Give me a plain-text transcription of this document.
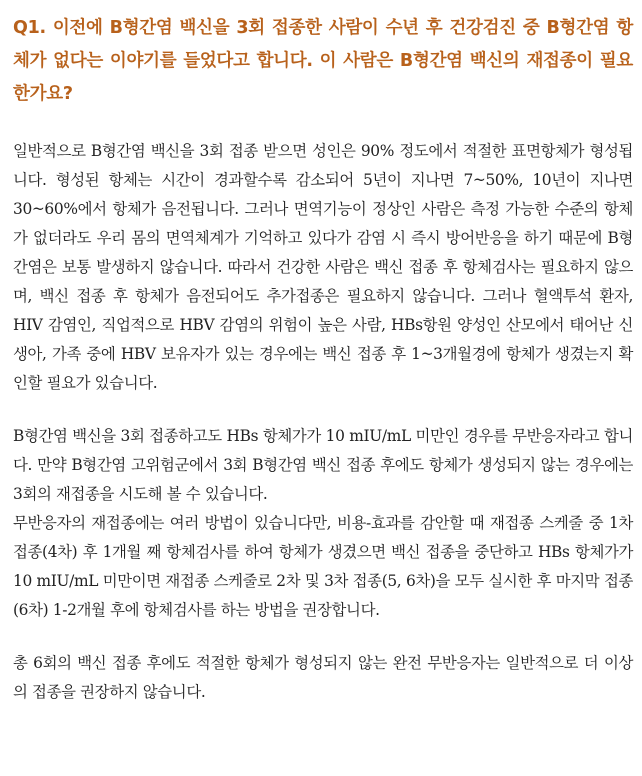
Q1. 이전에 B형간염 백신을 3회 접종한 사람이 수년 후 건강검진 중 B형간염 항체가 없다는 이야기를 들었다고 합니다. 이 사람은 B형간염 백신의 재접종이 필요한가요?

일반적으로 B형간염 백신을 3회 접종 받으면 성인은 90% 정도에서 적절한 표면항체가 형성됩니다. 형성된 항체는 시간이 경과할수록 감소되어 5년이 지나면 7~50%, 10년이 지나면 30~60%에서 항체가 음전됩니다. 그러나 면역기능이 정상인 사람은 측정 가능한 수준의 항체가 없더라도 우리 몸의 면역체계가 기억하고 있다가 감염 시 즉시 방어반응을 하기 때문에 B형간염은 보통 발생하지 않습니다. 따라서 건강한 사람은 백신 접종 후 항체검사는 필요하지 않으며, 백신 접종 후 항체가 음전되어도 추가접종은 필요하지 않습니다. 그러나 혈액투석 환자, HIV 감염인, 직업적으로 HBV 감염의 위험이 높은 사람, HBs항원 양성인 산모에서 태어난 신생아, 가족 중에 HBV 보유자가 있는 경우에는 백신 접종 후 1~3개월경에 항체가 생겼는지 확인할 필요가 있습니다.

B형간염 백신을 3회 접종하고도 HBs 항체가가 10 mIU/mL 미만인 경우를 무반응자라고 합니다. 만약 B형간염 고위험군에서 3회 B형간염 백신 접종 후에도 항체가 생성되지 않는 경우에는 3회의 재접종을 시도해 볼 수 있습니다.

무반응자의 재접종에는 여러 방법이 있습니다만, 비용-효과를 감안할 때 재접종 스케줄 중 1차 접종(4차) 후 1개월 째 항체검사를 하여 항체가 생겼으면 백신 접종을 중단하고 HBs 항체가가 10 mIU/mL 미만이면 재접종 스케줄로 2차 및 3차 접종(5, 6차)을 모두 실시한 후 마지막 접종(6차) 1-2개월 후에 항체검사를 하는 방법을 권장합니다.

총 6회의 백신 접종 후에도 적절한 항체가 형성되지 않는 완전 무반응자는 일반적으로 더 이상의 접종을 권장하지 않습니다.
